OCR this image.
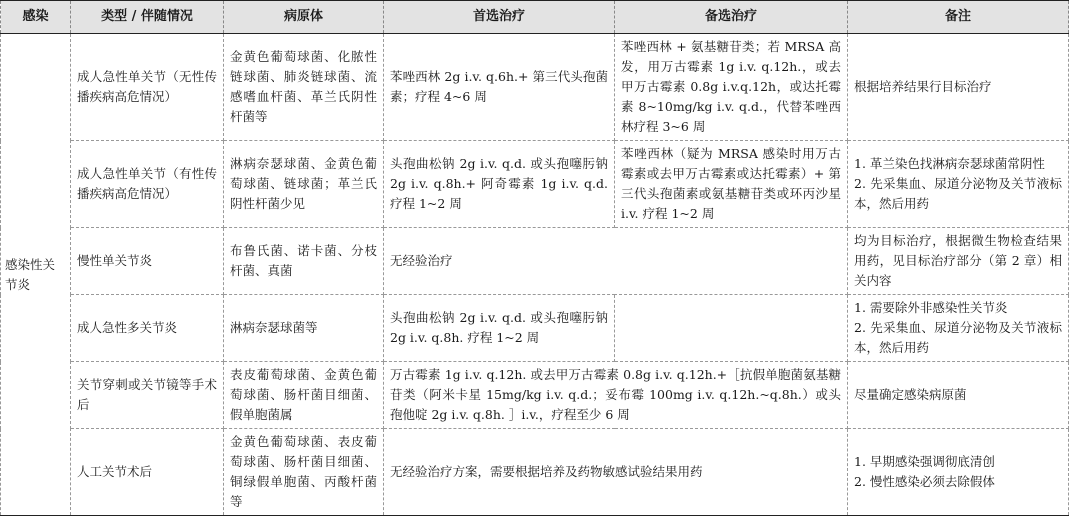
感染	类型 / 伴随情况	病原体	首选治疗	备选治疗	备注
感染性关节炎	成人急性单关节（无性传播疾病高危情况）	金黄色葡萄球菌、化脓性链球菌、肺炎链球菌、流感嗜血杆菌、革兰氏阴性杆菌等	苯唑西林 2g i.v. q.6h.+ 第三代头孢菌素；疗程 4~6 周	苯唑西林 + 氨基糖苷类；若 MRSA 高发，用万古霉素 1g i.v. q.12h.，或去甲万古霉素 0.8g i.v.q.12h，或达托霉素 8~10mg/kg i.v. q.d.，代替苯唑西林疗程 3~6 周	根据培养结果行目标治疗

	成人急性单关节（有性传播疾病高危情况）	淋病奈瑟球菌、金黄色葡萄球菌、链球菌；革兰氏阴性杆菌少见	头孢曲松钠 2g i.v. q.d. 或头孢噻肟钠 2g i.v. q.8h.+ 阿奇霉素 1g i.v. q.d. 疗程 1~2 周	苯唑西林（疑为 MRSA 感染时用万古霉素或去甲万古霉素或达托霉素）+ 第三代头孢菌素或氨基糖苷类或环丙沙星 i.v. 疗程 1~2 周	1. 革兰染色找淋病奈瑟球菌常阴性
2. 先采集血、尿道分泌物及关节液标本，然后用药

	慢性单关节炎	布鲁氏菌、诺卡菌、分枝杆菌、真菌	无经验治疗		均为目标治疗，根据微生物检查结果用药，见目标治疗部分（第 2 章）相关内容

	成人急性多关节炎	淋病奈瑟球菌等	头孢曲松钠 2g i.v. q.d. 或头孢噻肟钠 2g i.v. q.8h. 疗程 1~2 周		1. 需要除外非感染性关节炎
2. 先采集血、尿道分泌物及关节液标本，然后用药

	关节穿刺或关节镜等手术后	表皮葡萄球菌、金黄色葡萄球菌、肠杆菌目细菌、假单胞菌属	万古霉素 1g i.v. q.12h. 或去甲万古霉素 0.8g i.v. q.12h.+［抗假单胞菌氨基糖苷类（阿米卡星 15mg/kg i.v. q.d.；妥布霉 100mg i.v. q.12h.~q.8h.）或头孢他啶 2g i.v. q.8h. ］i.v.，疗程至少 6 周		尽量确定感染病原菌

	人工关节术后	金黄色葡萄球菌、表皮葡萄球菌、肠杆菌目细菌、铜绿假单胞菌、丙酸杆菌等	无经验治疗方案，需要根据培养及药物敏感试验结果用药		1. 早期感染强调彻底清创
2. 慢性感染必须去除假体
